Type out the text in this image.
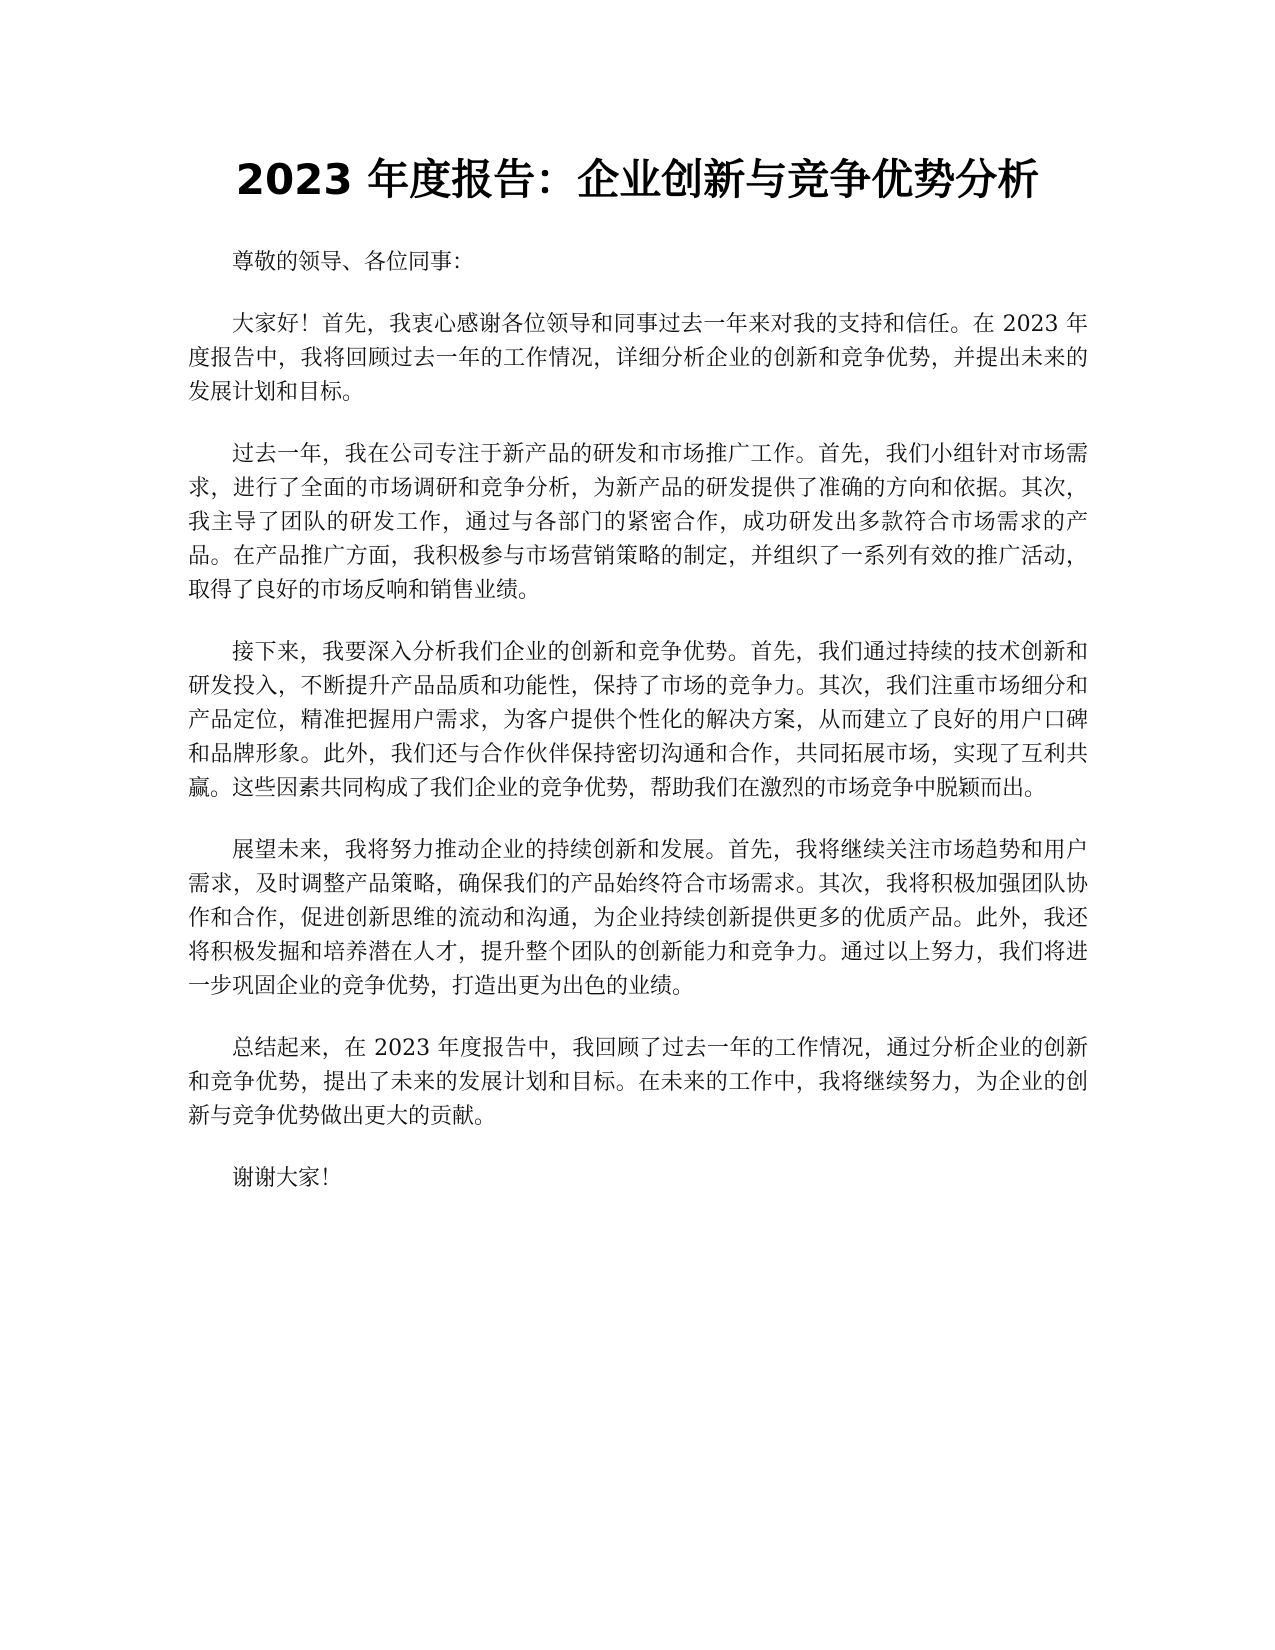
2023 年度报告：企业创新与竞争优势分析

尊敬的领导、各位同事：

大家好！首先，我衷心感谢各位领导和同事过去一年来对我的支持和信任。在 2023 年度报告中，我将回顾过去一年的工作情况，详细分析企业的创新和竞争优势，并提出未来的发展计划和目标。

过去一年，我在公司专注于新产品的研发和市场推广工作。首先，我们小组针对市场需求，进行了全面的市场调研和竞争分析，为新产品的研发提供了准确的方向和依据。其次，我主导了团队的研发工作，通过与各部门的紧密合作，成功研发出多款符合市场需求的产品。在产品推广方面，我积极参与市场营销策略的制定，并组织了一系列有效的推广活动，取得了良好的市场反响和销售业绩。

接下来，我要深入分析我们企业的创新和竞争优势。首先，我们通过持续的技术创新和研发投入，不断提升产品品质和功能性，保持了市场的竞争力。其次，我们注重市场细分和产品定位，精准把握用户需求，为客户提供个性化的解决方案，从而建立了良好的用户口碑和品牌形象。此外，我们还与合作伙伴保持密切沟通和合作，共同拓展市场，实现了互利共赢。这些因素共同构成了我们企业的竞争优势，帮助我们在激烈的市场竞争中脱颖而出。

展望未来，我将努力推动企业的持续创新和发展。首先，我将继续关注市场趋势和用户需求，及时调整产品策略，确保我们的产品始终符合市场需求。其次，我将积极加强团队协作和合作，促进创新思维的流动和沟通，为企业持续创新提供更多的优质产品。此外，我还将积极发掘和培养潜在人才，提升整个团队的创新能力和竞争力。通过以上努力，我们将进一步巩固企业的竞争优势，打造出更为出色的业绩。

总结起来，在 2023 年度报告中，我回顾了过去一年的工作情况，通过分析企业的创新和竞争优势，提出了未来的发展计划和目标。在未来的工作中，我将继续努力，为企业的创新与竞争优势做出更大的贡献。

谢谢大家！
